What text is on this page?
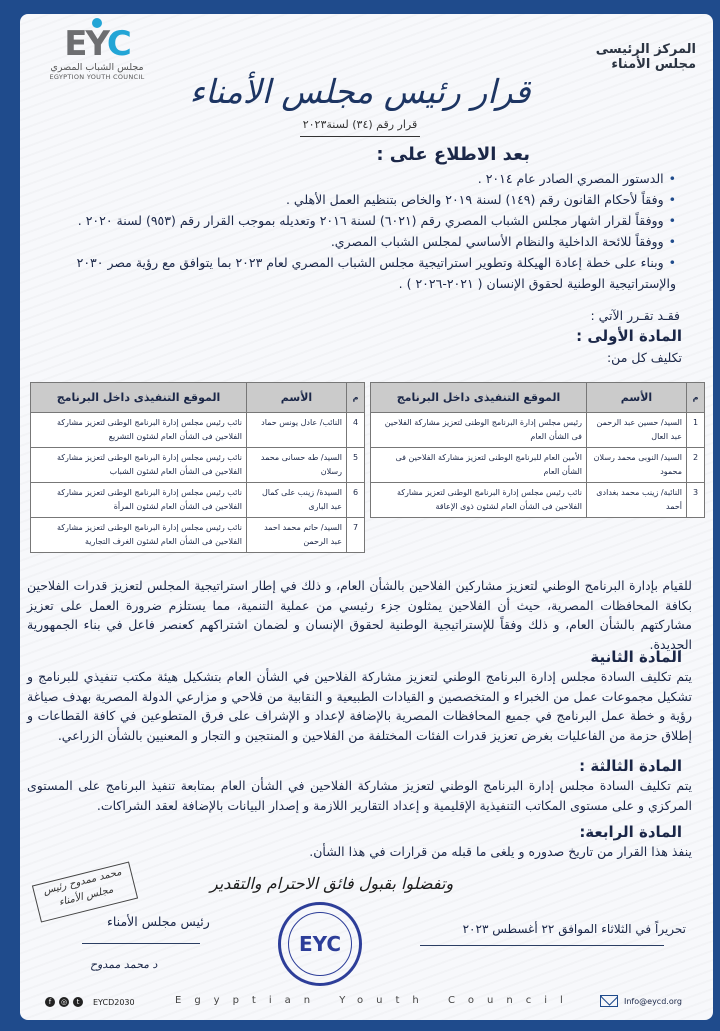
المركز الرئيسى
مجلس الأمناء
EYC
مجلس الشباب المصري
EGYPTION YOUTH COUNCIL	قرار رئيس مجلس الأمناء
قرار رقم (٣٤) لسنة٢٠٢٣
بعد الاطلاع على :
• الدستور المصري الصادر عام ٢٠١٤ .
• وفقاً لأحكام القانون رقم (١٤٩) لسنة ٢٠١٩ والخاص بتنظيم العمل الأهلي .
• ووفقاً لقرار اشهار مجلس الشباب المصري رقم (٦٠٢١) لسنة ٢٠١٦ وتعديله بموجب القرار رقم (٩٥٣) لسنة ٢٠٢٠ .
• ووفقاً للائحة الداخلية والنظام الأساسي لمجلس الشباب المصري.
• وبناء على خطة إعادة الهيكلة وتطوير استراتيجية مجلس الشباب المصري لعام ٢٠٢٣ بما يتوافق مع رؤية مصر ٢٠٣٠ والإستراتيجية الوطنية لحقوق الإنسان ( ٢٠٢١-٢٠٢٦ ) .
فقـد تقـرر الآتي :
المادة الأولى :
تكليف كل من:
م	الأسم	الموقع التنفيذى داخل البرنامج
1	السيد/ حسين عبد الرحمن عبد العال	رئيس مجلس إدارة البرنامج الوطنى لتعزيز مشاركة الفلاحين فى الشأن العام
2	السيد/ النوبى محمد رسلان محمود	الأمين العام للبرنامج الوطنى لتعزيز مشاركة الفلاحين فى الشأن العام
3	النائبة/ زينب محمد بغدادى أحمد	نائب رئيس مجلس إدارة البرنامج الوطنى لتعزيز مشاركة الفلاحين فى الشأن العام لشئون ذوى الإعاقة
م	الأسم	الموقع التنفيذى داخل البرنامج
4	النائب/ عادل يونس حماد	نائب رئيس مجلس إدارة البرنامج الوطنى لتعزيز مشاركة الفلاحين فى الشأن العام لشئون التشريع
5	السيد/ طه حسانى محمد رسلان	نائب رئيس مجلس إدارة البرنامج الوطنى لتعزيز مشاركة الفلاحين فى الشأن العام لشئون الشباب
6	السيدة/ زينب على كمال عبد البارى	نائب رئيس مجلس إدارة البرنامج الوطنى لتعزيز مشاركة الفلاحين فى الشأن العام لشئون المرأة
7	السيد/ حاتم محمد احمد عبد الرحمن	نائب رئيس مجلس إدارة البرنامج الوطنى لتعزيز مشاركة الفلاحين فى الشأن العام لشئون الغرف التجارية
للقيام بإدارة البرنامج الوطني لتعزيز مشاركين الفلاحين بالشأن العام، و ذلك في إطار استراتيجية المجلس لتعزيز قدرات الفلاحين بكافة المحافظات المصرية، حيث أن الفلاحين يمثلون جزء رئيسي من عملية التنمية، مما يستلزم ضرورة العمل على تعزيز مشاركتهم بالشأن العام، و ذلك وفقاً للإستراتيجية الوطنية لحقوق الإنسان و لضمان اشتراكهم كعنصر فاعل في بناء الجمهورية الجديدة.
المادة الثانية
يتم تكليف السادة مجلس إدارة البرنامج الوطني لتعزيز مشاركة الفلاحين في الشأن العام بتشكيل هيئة مكتب تنفيذي للبرنامج و تشكيل مجموعات عمل من الخبراء و المتخصصين و القيادات الطبيعية و النقابية من فلاحي و مزارعي الدولة المصرية بهدف صياغة رؤية و خطة عمل البرنامج في جميع المحافظات المصرية بالإضافة لإعداد و الإشراف على فرق المتطوعين في كافة القطاعات و إطلاق حزمة من الفاعليات بغرض تعزيز قدرات الفئات المختلفة من الفلاحين و المنتجين و التجار و المعنيين بالشأن الزراعي.
المادة الثالثة :
يتم تكليف السادة مجلس إدارة البرنامج الوطني لتعزيز مشاركة الفلاحين في الشأن العام بمتابعة تنفيذ البرنامج على المستوى المركزي و على مستوى المكاتب التنفيذية الإقليمية و إعداد التقارير اللازمة و إصدار البيانات بالإضافة لعقد الشراكات.
المادة الرابعة:
ينفذ هذا القرار من تاريخ صدوره و يلغى ما قبله من قرارات في هذا الشأن.
وتفضلوا بقبول فائق الاحترام والتقدير
محمد ممدوح رئيس مجلس الأمناء
رئيس مجلس الأمناء
د محمد ممدوح
EYC
تحريراً في الثلاثاء الموافق ٢٢ أغسطس ٢٠٢٣
f	◎	t	EYCD2030	Egyptian Youth Council	Info@eycd.org
